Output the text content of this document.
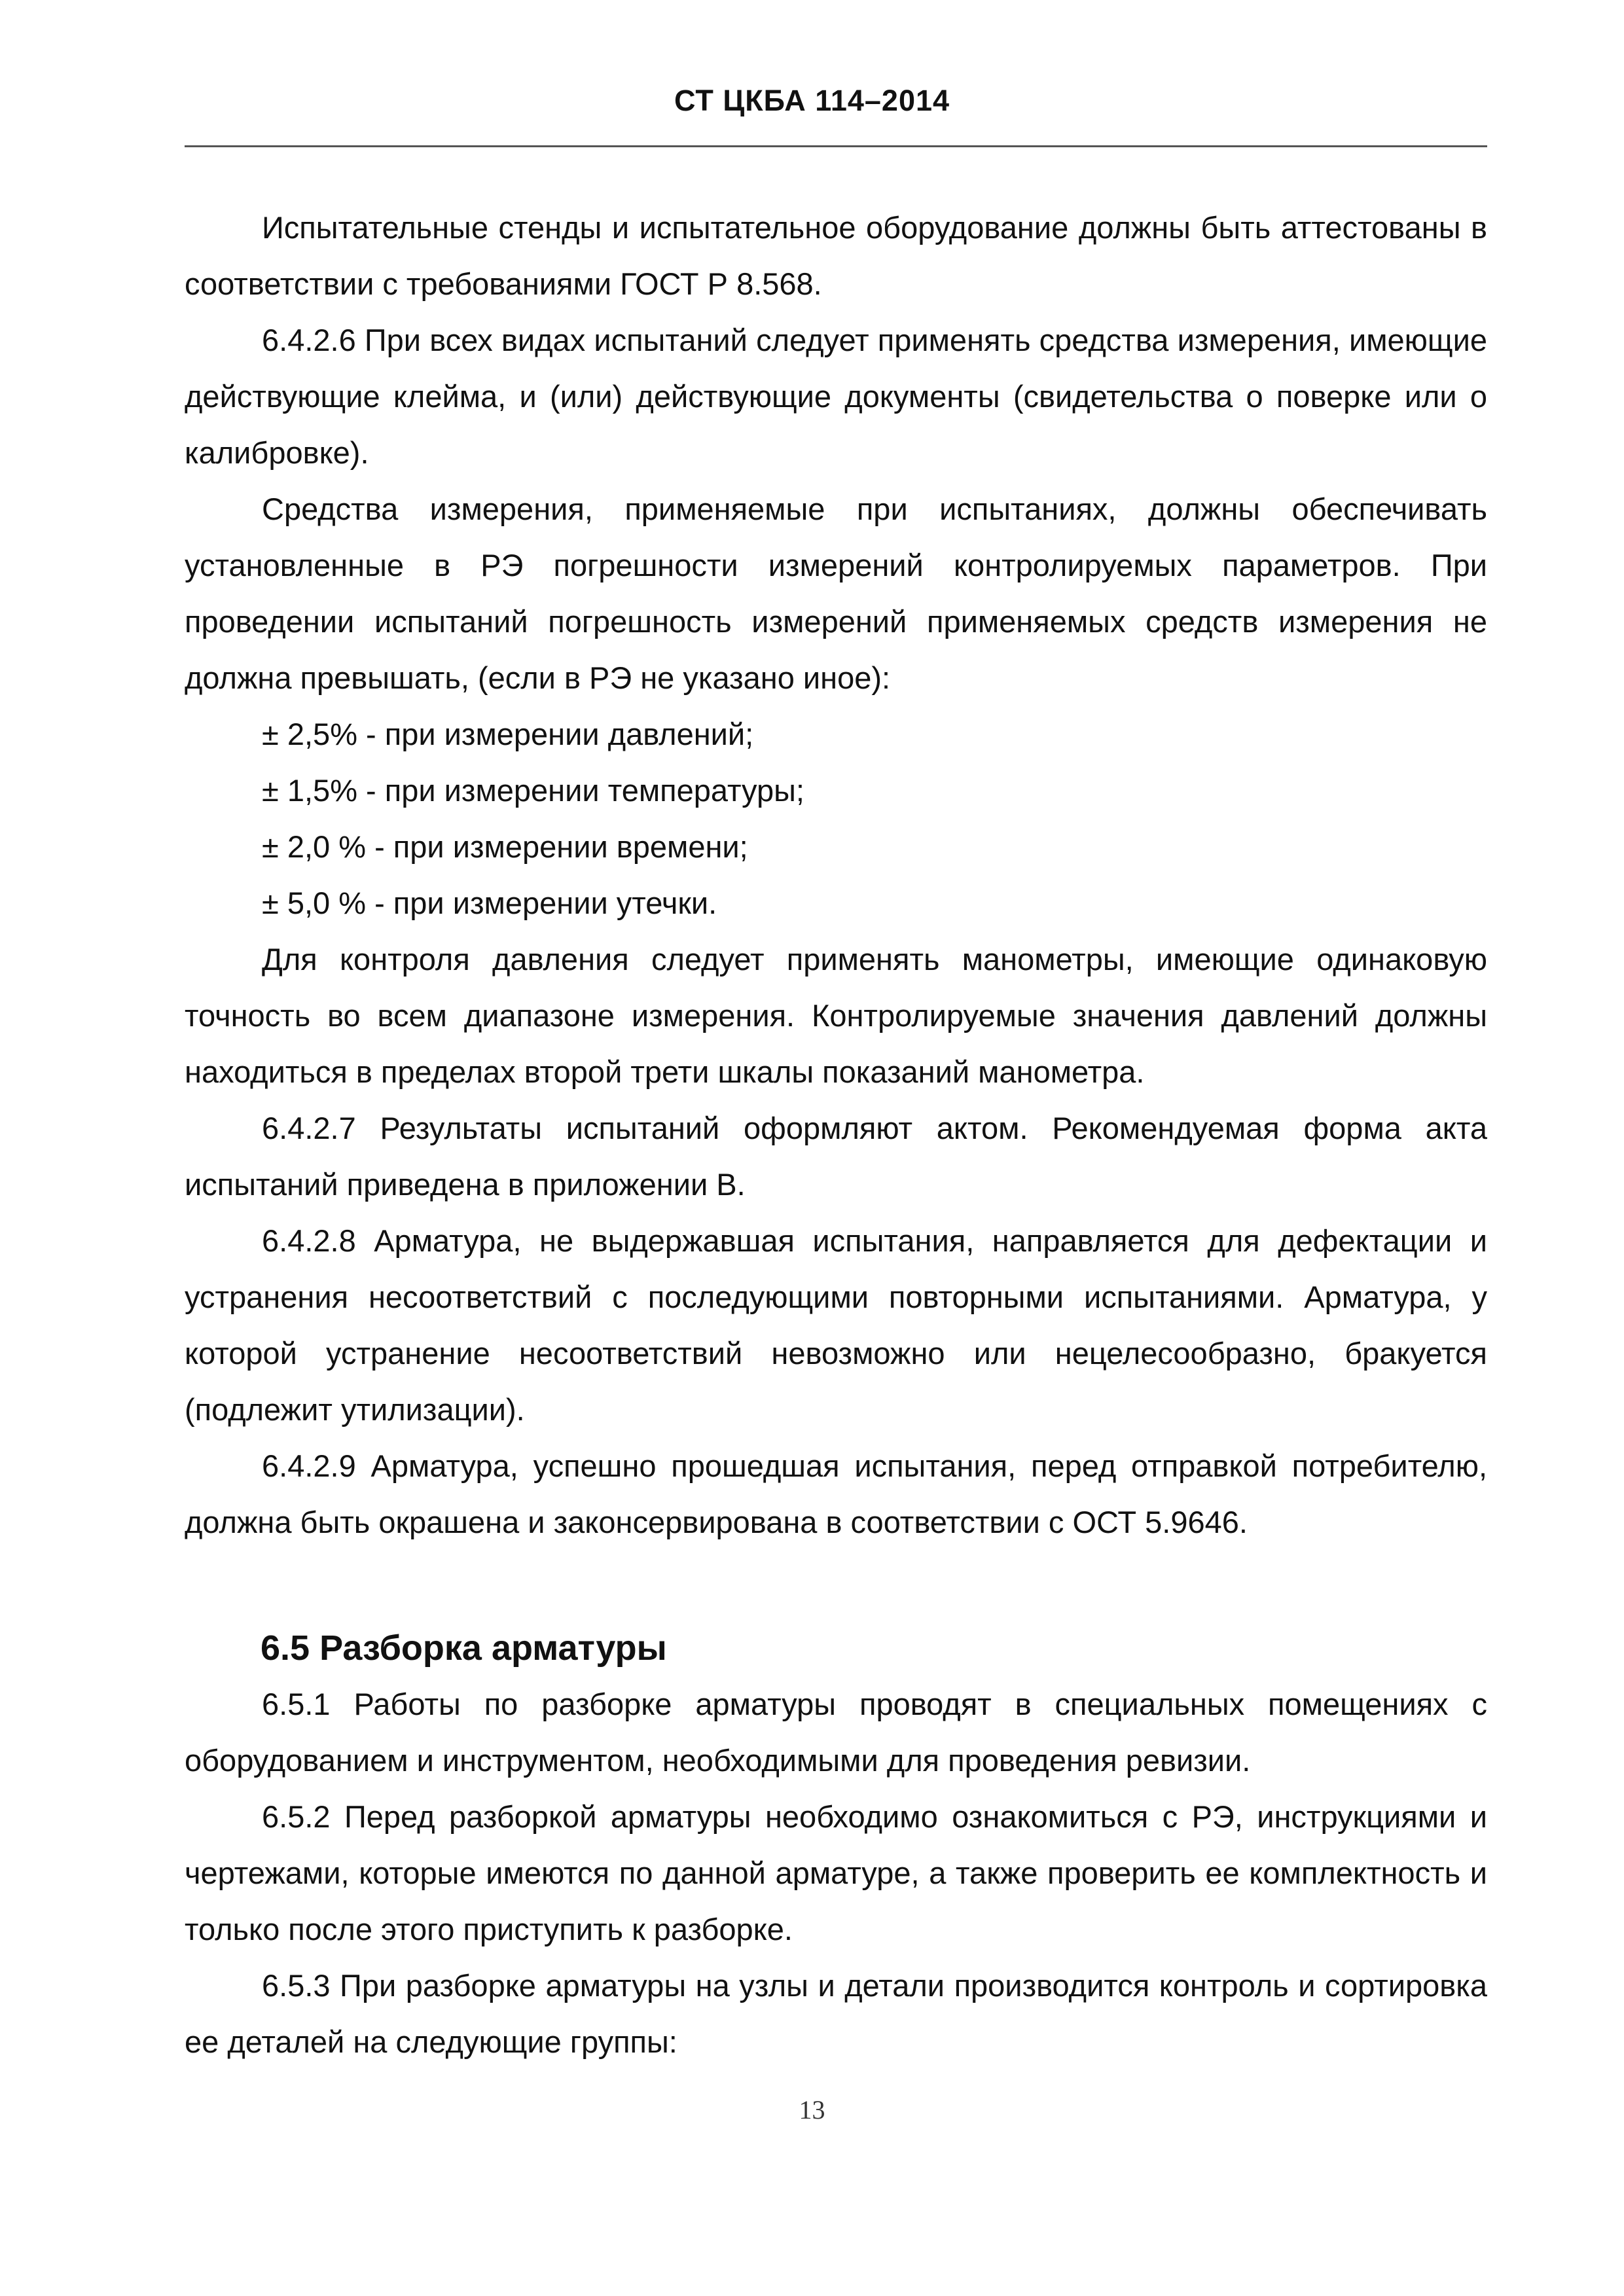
СТ ЦКБА 114–2014

Испытательные стенды и испытательное оборудование должны быть аттестованы в соответствии с требованиями ГОСТ Р 8.568.

6.4.2.6 При всех видах испытаний следует применять средства измерения, имеющие действующие клейма, и (или) действующие документы (свидетельства о поверке или о калибровке).

Средства измерения, применяемые при испытаниях, должны обеспечивать установленные в РЭ погрешности измерений контролируемых параметров. При проведении испытаний погрешность измерений применяемых средств измерения не должна превышать, (если в РЭ не указано иное):

± 2,5% - при измерении давлений;

± 1,5% - при измерении температуры;

± 2,0 % - при измерении времени;

± 5,0 % - при измерении утечки.

Для контроля давления следует применять манометры, имеющие одинаковую точность во всем диапазоне измерения. Контролируемые значения давлений должны находиться в пределах второй трети шкалы показаний манометра.

6.4.2.7 Результаты испытаний оформляют актом. Рекомендуемая форма акта испытаний приведена в приложении В.

6.4.2.8 Арматура, не выдержавшая испытания, направляется для дефектации и устранения несоответствий с последующими повторными испытаниями. Арматура, у которой устранение несоответствий невозможно или нецелесообразно, бракуется (подлежит утилизации).

6.4.2.9 Арматура, успешно прошедшая испытания, перед отправкой потребителю, должна быть окрашена и законсервирована в соответствии с ОСТ 5.9646.

6.5 Разборка арматуры

6.5.1 Работы по разборке арматуры проводят в специальных помещениях с оборудованием и инструментом, необходимыми для проведения ревизии.

6.5.2 Перед разборкой арматуры необходимо ознакомиться с РЭ, инструкциями и чертежами, которые имеются по данной арматуре, а также проверить ее комплектность и только после этого приступить к разборке.

6.5.3 При разборке арматуры на узлы и детали производится контроль и сортировка ее деталей на следующие группы:

13
